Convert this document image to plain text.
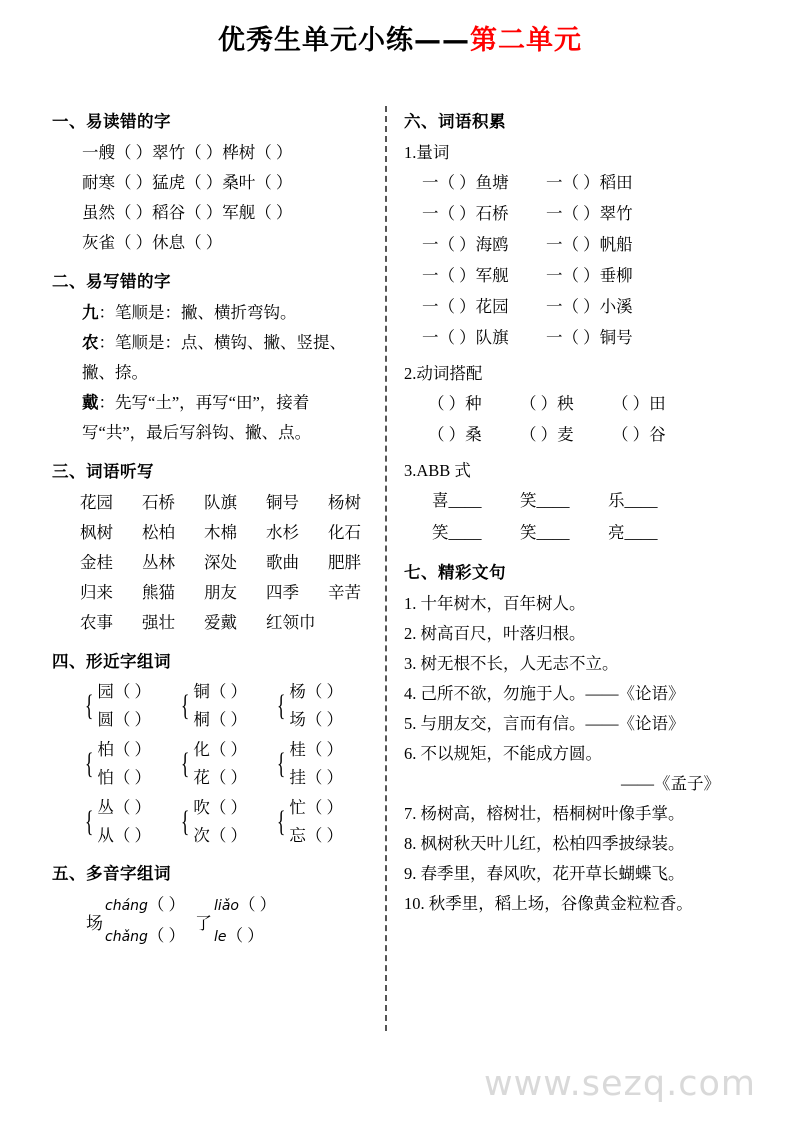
优秀生单元小练——第二单元
一、易读错的字
一艘（ ）翠竹（ ）桦树（ ）
耐寒（ ）猛虎（ ）桑叶（ ）
虽然（ ）稻谷（ ）军舰（ ）
灰雀（ ）休息（ ）
二、易写错的字
九：笔顺是：撇、横折弯钩。
农：笔顺是：点、横钩、撇、竖提、
撇、捺。
戴：先写“土”，再写“田”，接着
写“共”，最后写斜钩、撇、点。
三、词语听写
花园 石桥 队旗 铜号 杨树
枫树 松柏 木棉 水杉 化石
金桂 丛林 深处 歌曲 肥胖
归来 熊猫 朋友 四季 辛苦
农事 强壮 爱戴 红领巾
四、形近字组词
{ 园（ ）
圆（ ） { 铜（ ）
桐（ ） { 杨（ ）
场（ ）
{ 柏（ ）
怕（ ） { 化（ ）
花（ ） { 桂（ ）
挂（ ）
{ 丛（ ）
从（ ） { 吹（ ）
次（ ） { 忙（ ）
忘（ ）
五、多音字组词
场
cháng（ ）
chǎng（ ）
了
liǎo（ ）
le（ ）
六、词语积累
1.量词
一（ ）鱼塘 一（ ）稻田
一（ ）石桥 一（ ）翠竹
一（ ）海鸥 一（ ）帆船
一（ ）军舰 一（ ）垂柳
一（ ）花园 一（ ）小溪
一（ ）队旗 一（ ）铜号
2.动词搭配
（ ）种 （ ）秧 （ ）田
（ ）桑 （ ）麦 （ ）谷
3.ABB 式
喜____ 笑____ 乐____
笑____ 笑____ 亮____
七、精彩文句
1. 十年树木，百年树人。
2. 树高百尺，叶落归根。
3. 树无根不长，人无志不立。
4. 己所不欲，勿施于人。——《论语》
5. 与朋友交，言而有信。——《论语》
6. 不以规矩，不能成方圆。
——《孟子》
7. 杨树高，榕树壮，梧桐树叶像手掌。
8. 枫树秋天叶儿红，松柏四季披绿装。
9. 春季里，春风吹，花开草长蝴蝶飞。
10. 秋季里，稻上场，谷像黄金粒粒香。
www.sezq.com
